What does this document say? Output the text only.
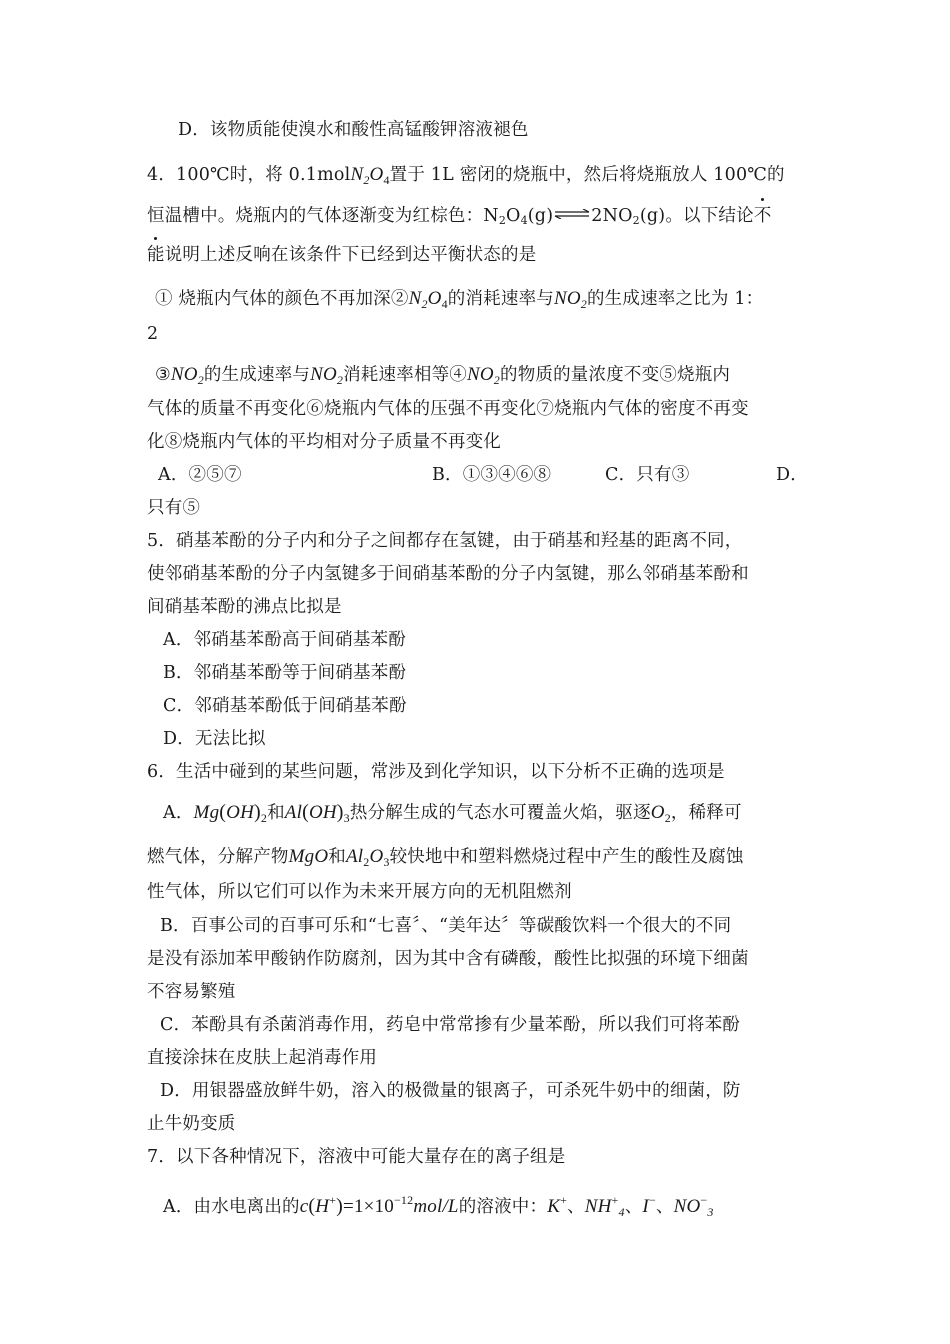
D．该物质能使溴水和酸性高锰酸钾溶液褪色
4．100℃时，将 $0.1molN_2O_4$置于 1L 密闭的烧瓶中，然后将烧瓶放人 100℃的
恒温槽中。烧瓶内的气体逐渐变为红棕色：N2O4(g)⇌2NO2(g)。以下结论不
能说明上述反响在该条件下已经到达平衡状态的是
① 烧瓶内气体的颜色不再加深$②N_2O_4$的消耗速率与$NO_2$的生成速率之比为 1：
2
$③NO_2$的生成速率与$NO_2$消耗速率相等$④NO_2$的物质的量浓度不变⑤烧瓶内
气体的质量不再变化⑥烧瓶内气体的压强不再变化⑦烧瓶内气体的密度不再变
化⑧烧瓶内气体的平均相对分子质量不再变化
A．②⑤⑦	B．①③④⑥⑧	C．只有③	D．
只有⑤
5．硝基苯酚的分子内和分子之间都存在氢键，由于硝基和羟基的距离不同，
使邻硝基苯酚的分子内氢键多于间硝基苯酚的分子内氢键，那么邻硝基苯酚和
间硝基苯酚的沸点比拟是
A．邻硝基苯酚高于间硝基苯酚
B．邻硝基苯酚等于间硝基苯酚
C．邻硝基苯酚低于间硝基苯酚
D．无法比拟
6．生活中碰到的某些问题，常涉及到化学知识，以下分析不正确的选项是
A．$Mg(OH)_2$和$Al(OH)_3$热分解生成的气态水可覆盖火焰，驱逐$O_2$，稀释可
燃气体，分解产物MgO和$Al_2O_3$较快地中和塑料燃烧过程中产生的酸性及腐蚀
性气体，所以它们可以作为未来开展方向的无机阻燃剂
B．百事公司的百事可乐和“七喜〞、“美年达〞等碳酸饮料一个很大的不同
是没有添加苯甲酸钠作防腐剂，因为其中含有磷酸，酸性比拟强的环境下细菌
不容易繁殖
C．苯酚具有杀菌消毒作用，药皂中常常掺有少量苯酚，所以我们可将苯酚
直接涂抹在皮肤上起消毒作用
D．用银器盛放鲜牛奶，溶入的极微量的银离子，可杀死牛奶中的细菌，防
止牛奶变质
7．以下各种情况下，溶液中可能大量存在的离子组是
A．由水电离出的$c(H^+)=1\times 10^{-12}mol/L$的溶液中：K+、$NH^+_4$、I−、$NO^-_3$
